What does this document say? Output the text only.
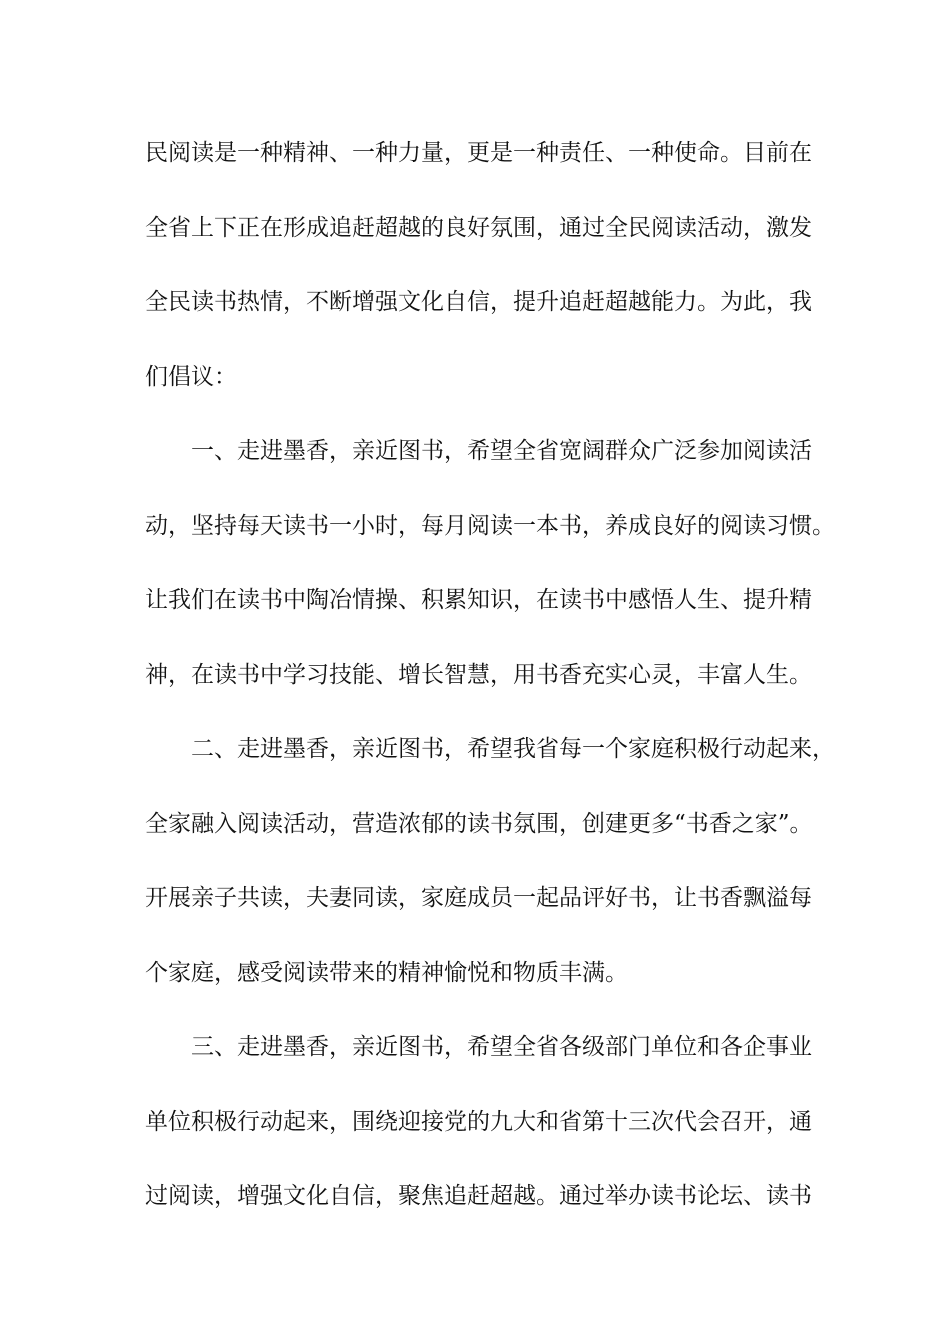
民阅读是一种精神、一种力量，更是一种责任、一种使命。目前在
全省上下正在形成追赶超越的良好氛围，通过全民阅读活动，激发
全民读书热情，不断增强文化自信，提升追赶超越能力。为此，我
们倡议：
一、走进墨香，亲近图书，希望全省宽阔群众广泛参加阅读活
动，坚持每天读书一小时，每月阅读一本书，养成良好的阅读习惯。
让我们在读书中陶冶情操、积累知识，在读书中感悟人生、提升精
神，在读书中学习技能、增长智慧，用书香充实心灵，丰富人生。
二、走进墨香，亲近图书，希望我省每一个家庭积极行动起来，
全家融入阅读活动，营造浓郁的读书氛围，创建更多“书香之家”。
开展亲子共读，夫妻同读，家庭成员一起品评好书，让书香飘溢每
个家庭，感受阅读带来的精神愉悦和物质丰满。
三、走进墨香，亲近图书，希望全省各级部门单位和各企事业
单位积极行动起来，围绕迎接党的九大和省第十三次代会召开，通
过阅读，增强文化自信，聚焦追赶超越。通过举办读书论坛、读书
